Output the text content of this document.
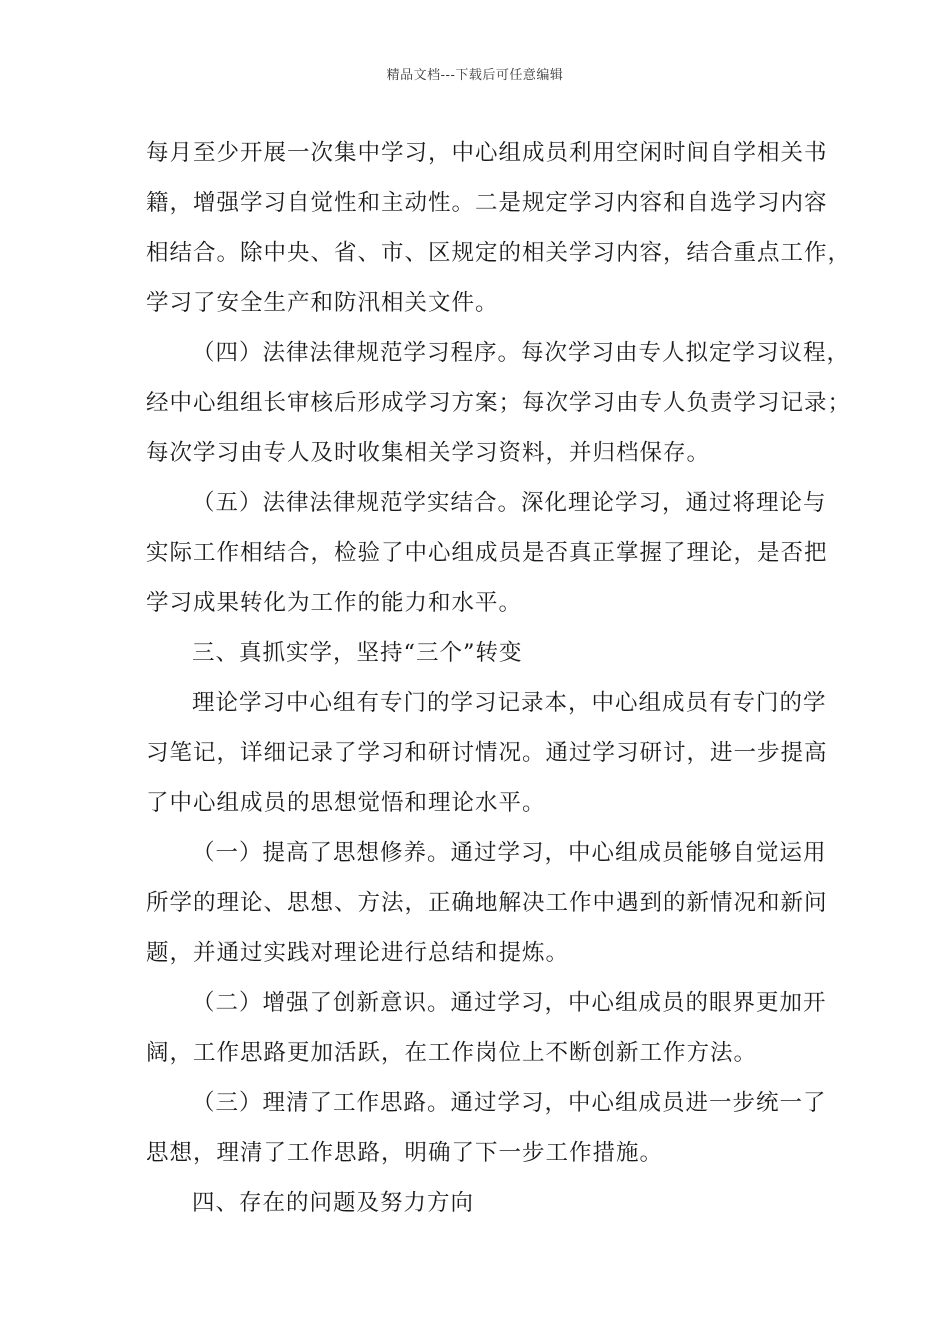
精品文档---下载后可任意编辑
每月至少开展一次集中学习，中心组成员利用空闲时间自学相关书
籍，增强学习自觉性和主动性。二是规定学习内容和自选学习内容
相结合。除中央、省、市、区规定的相关学习内容，结合重点工作，
学习了安全生产和防汛相关文件。
（四）法律法律规范学习程序。每次学习由专人拟定学习议程，
经中心组组长审核后形成学习方案；每次学习由专人负责学习记录；
每次学习由专人及时收集相关学习资料，并归档保存。
（五）法律法律规范学实结合。深化理论学习，通过将理论与
实际工作相结合，检验了中心组成员是否真正掌握了理论，是否把
学习成果转化为工作的能力和水平。
三、真抓实学，坚持“三个”转变
理论学习中心组有专门的学习记录本，中心组成员有专门的学
习笔记，详细记录了学习和研讨情况。通过学习研讨，进一步提高
了中心组成员的思想觉悟和理论水平。
（一）提高了思想修养。通过学习，中心组成员能够自觉运用
所学的理论、思想、方法，正确地解决工作中遇到的新情况和新问
题，并通过实践对理论进行总结和提炼。
（二）增强了创新意识。通过学习，中心组成员的眼界更加开
阔，工作思路更加活跃，在工作岗位上不断创新工作方法。
（三）理清了工作思路。通过学习，中心组成员进一步统一了
思想，理清了工作思路，明确了下一步工作措施。
四、存在的问题及努力方向
